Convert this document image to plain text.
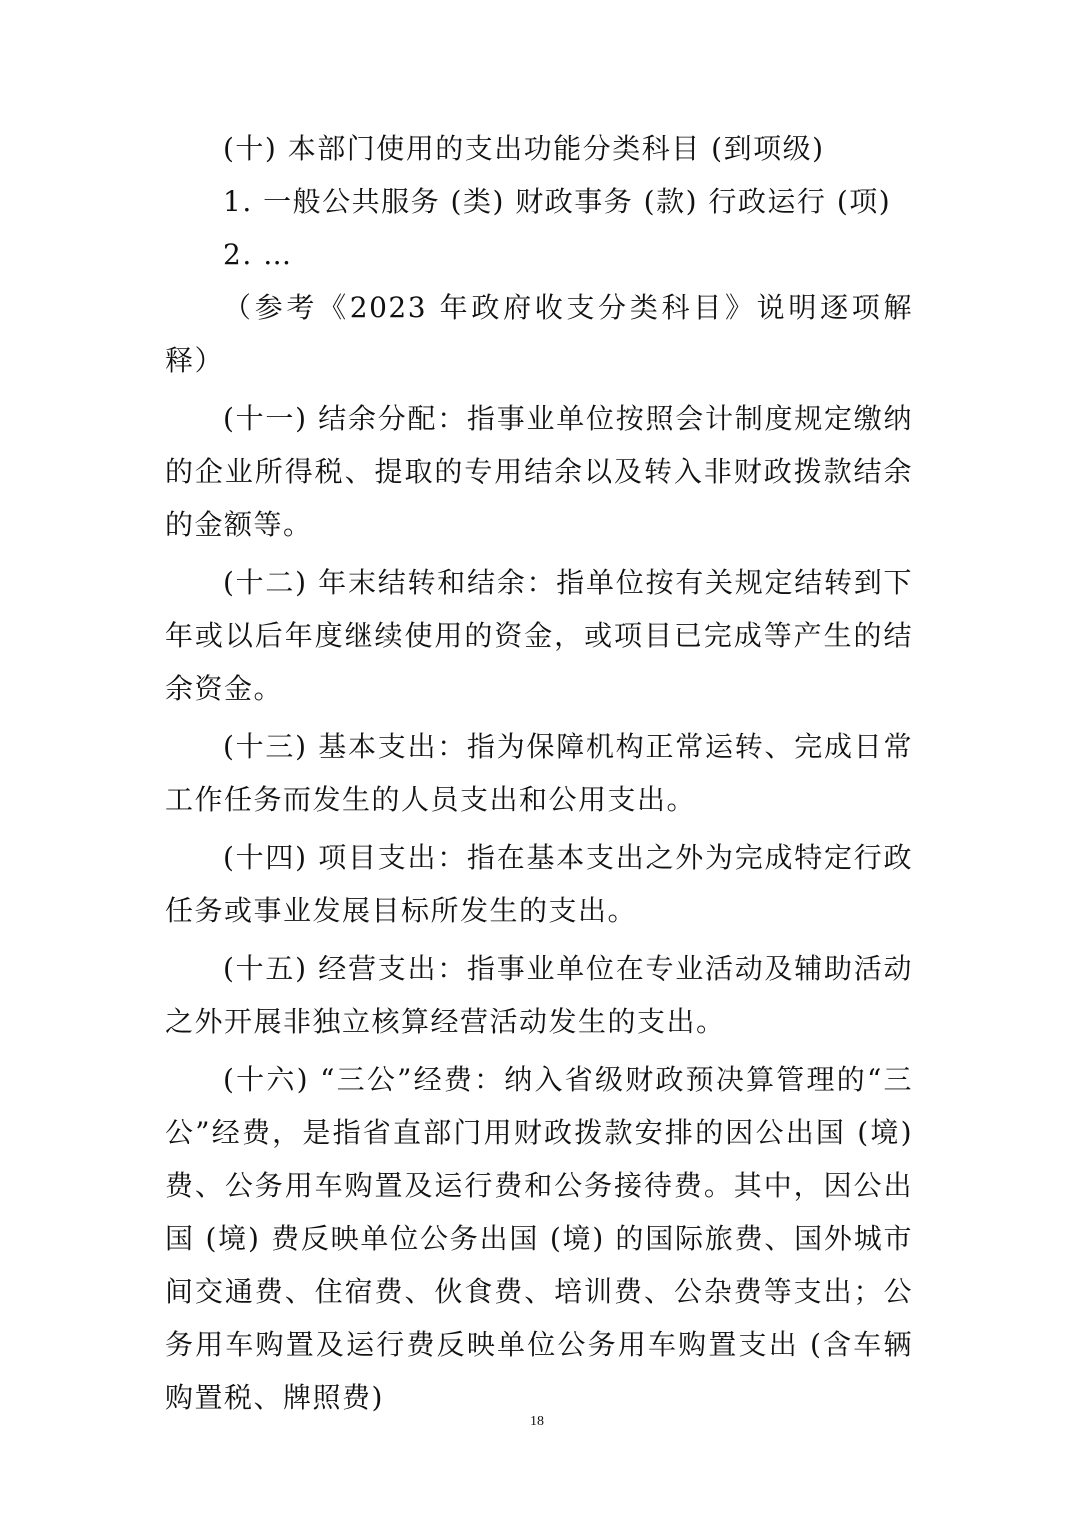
(十) 本部门使用的支出功能分类科目 (到项级)

1. 一般公共服务 (类) 财政事务 (款) 行政运行 (项)

2. …

（参考《2023 年政府收支分类科目》说明逐项解释）

(十一) 结余分配：指事业单位按照会计制度规定缴纳的企业所得税、提取的专用结余以及转入非财政拨款结余的金额等。

(十二) 年末结转和结余：指单位按有关规定结转到下年或以后年度继续使用的资金，或项目已完成等产生的结余资金。

(十三) 基本支出：指为保障机构正常运转、完成日常工作任务而发生的人员支出和公用支出。

(十四) 项目支出：指在基本支出之外为完成特定行政任务或事业发展目标所发生的支出。

(十五) 经营支出：指事业单位在专业活动及辅助活动之外开展非独立核算经营活动发生的支出。

(十六) “三公”经费：纳入省级财政预决算管理的“三公”经费，是指省直部门用财政拨款安排的因公出国 (境) 费、公务用车购置及运行费和公务接待费。其中，因公出国 (境) 费反映单位公务出国 (境) 的国际旅费、国外城市间交通费、住宿费、伙食费、培训费、公杂费等支出；公务用车购置及运行费反映单位公务用车购置支出 (含车辆购置税、牌照费)

18
